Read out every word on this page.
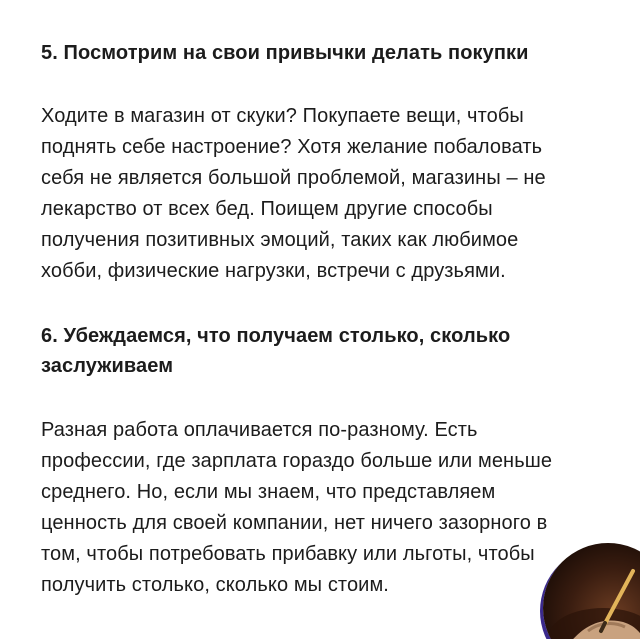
5. Посмотрим на свои привычки делать покупки

Ходите в магазин от скуки? Покупаете вещи, чтобы
поднять себе настроение? Хотя желание побаловать
себя не является большой проблемой, магазины – не
лекарство от всех бед. Поищем другие способы
получения позитивных эмоций, таких как любимое
хобби, физические нагрузки, встречи с друзьями.

6. Убеждаемся, что получаем столько, сколько
заслуживаем

Разная работа оплачивается по-разному. Есть
профессии, где зарплата гораздо больше или меньше
среднего. Но, если мы знаем, что представляем
ценность для своей компании, нет ничего зазорного в
том, чтобы потребовать прибавку или льготы, чтобы
получить столько, сколько мы стоим.
